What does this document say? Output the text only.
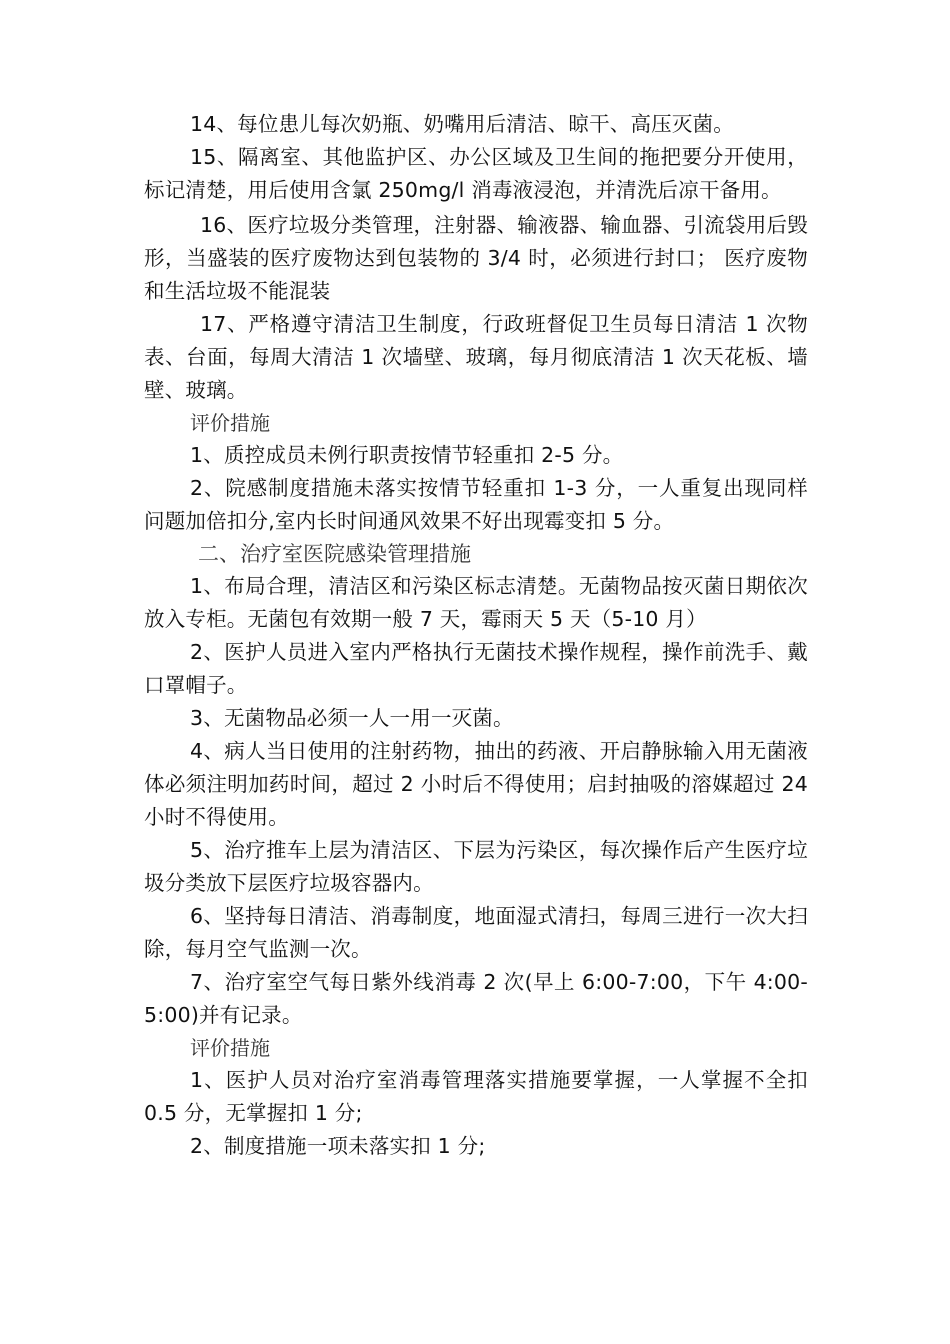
14、每位患儿每次奶瓶、奶嘴用后清洁、晾干、高压灭菌。

15、隔离室、其他监护区、办公区域及卫生间的拖把要分开使用，标记清楚，用后使用含氯 250mg/l 消毒液浸泡，并清洗后凉干备用。

16、医疗垃圾分类管理，注射器、输液器、输血器、引流袋用后毁形，当盛装的医疗废物达到包装物的 3/4 时，必须进行封口； 医疗废物和生活垃圾不能混装

17、严格遵守清洁卫生制度，行政班督促卫生员每日清洁 1 次物表、台面，每周大清洁 1 次墙壁、玻璃，每月彻底清洁 1 次天花板、墙壁、玻璃。

评价措施

1、质控成员未例行职责按情节轻重扣 2-5 分。

2、院感制度措施未落实按情节轻重扣 1-3 分，一人重复出现同样问题加倍扣分,室内长时间通风效果不好出现霉变扣 5 分。

二、治疗室医院感染管理措施

1、布局合理，清洁区和污染区标志清楚。无菌物品按灭菌日期依次放入专柜。无菌包有效期一般 7 天，霉雨天 5 天（5-10 月）

2、医护人员进入室内严格执行无菌技术操作规程，操作前洗手、戴口罩帽子。

3、无菌物品必须一人一用一灭菌。

4、病人当日使用的注射药物，抽出的药液、开启静脉输入用无菌液体必须注明加药时间，超过 2 小时后不得使用；启封抽吸的溶媒超过 24 小时不得使用。

5、治疗推车上层为清洁区、下层为污染区，每次操作后产生医疗垃圾分类放下层医疗垃圾容器内。

6、坚持每日清洁、消毒制度，地面湿式清扫，每周三进行一次大扫除，每月空气监测一次。

7、治疗室空气每日紫外线消毒 2 次(早上 6:00-7:00，下午 4:00-5:00)并有记录。

评价措施

1、医护人员对治疗室消毒管理落实措施要掌握，一人掌握不全扣 0.5 分，无掌握扣 1 分;

2、制度措施一项未落实扣 1 分;
